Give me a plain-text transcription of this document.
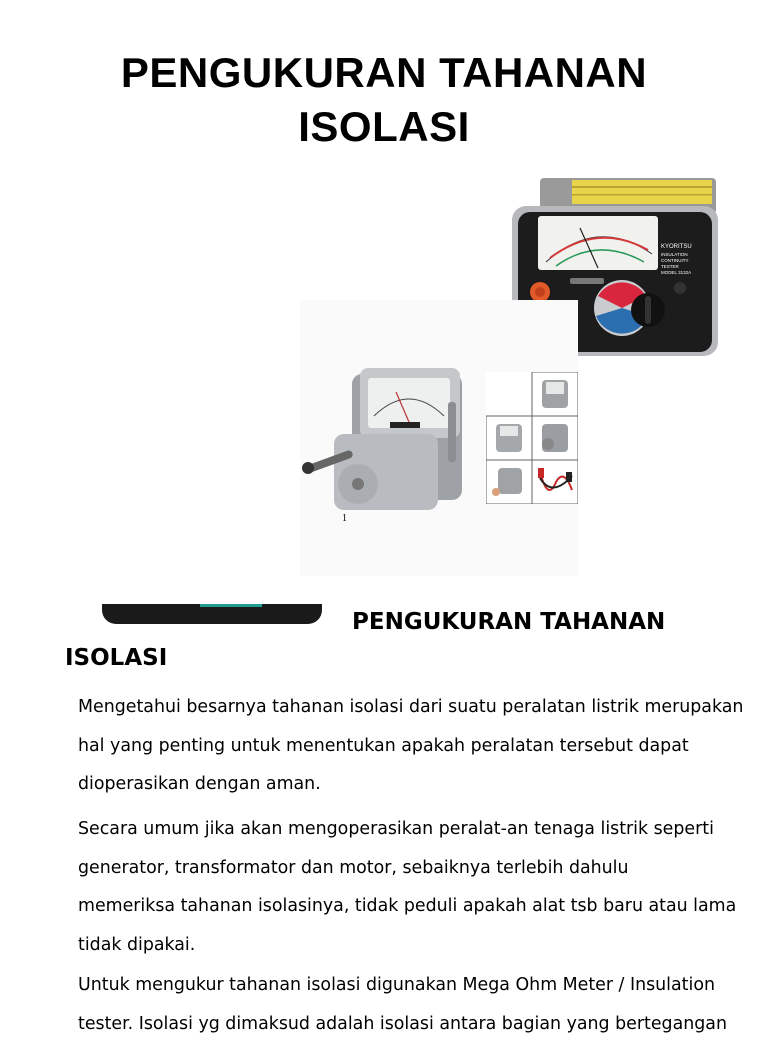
PENGUKURAN TAHANAN
ISOLASI
KYORITSU
INSULATION
CONTINUITY
TESTER
MODEL 3132A
1
PENGUKURAN TAHANAN
ISOLASI
Mengetahui besarnya tahanan isolasi dari suatu peralatan listrik merupakan
hal yang penting untuk menentukan apakah peralatan tersebut dapat
dioperasikan dengan aman.
Secara umum jika akan mengoperasikan peralat-an tenaga listrik seperti
generator, transformator dan motor, sebaiknya terlebih dahulu
memeriksa tahanan isolasinya, tidak peduli apakah alat tsb baru atau lama
tidak dipakai.
Untuk mengukur tahanan isolasi digunakan Mega Ohm Meter / Insulation
tester. Isolasi yg dimaksud adalah isolasi antara bagian yang bertegangan
